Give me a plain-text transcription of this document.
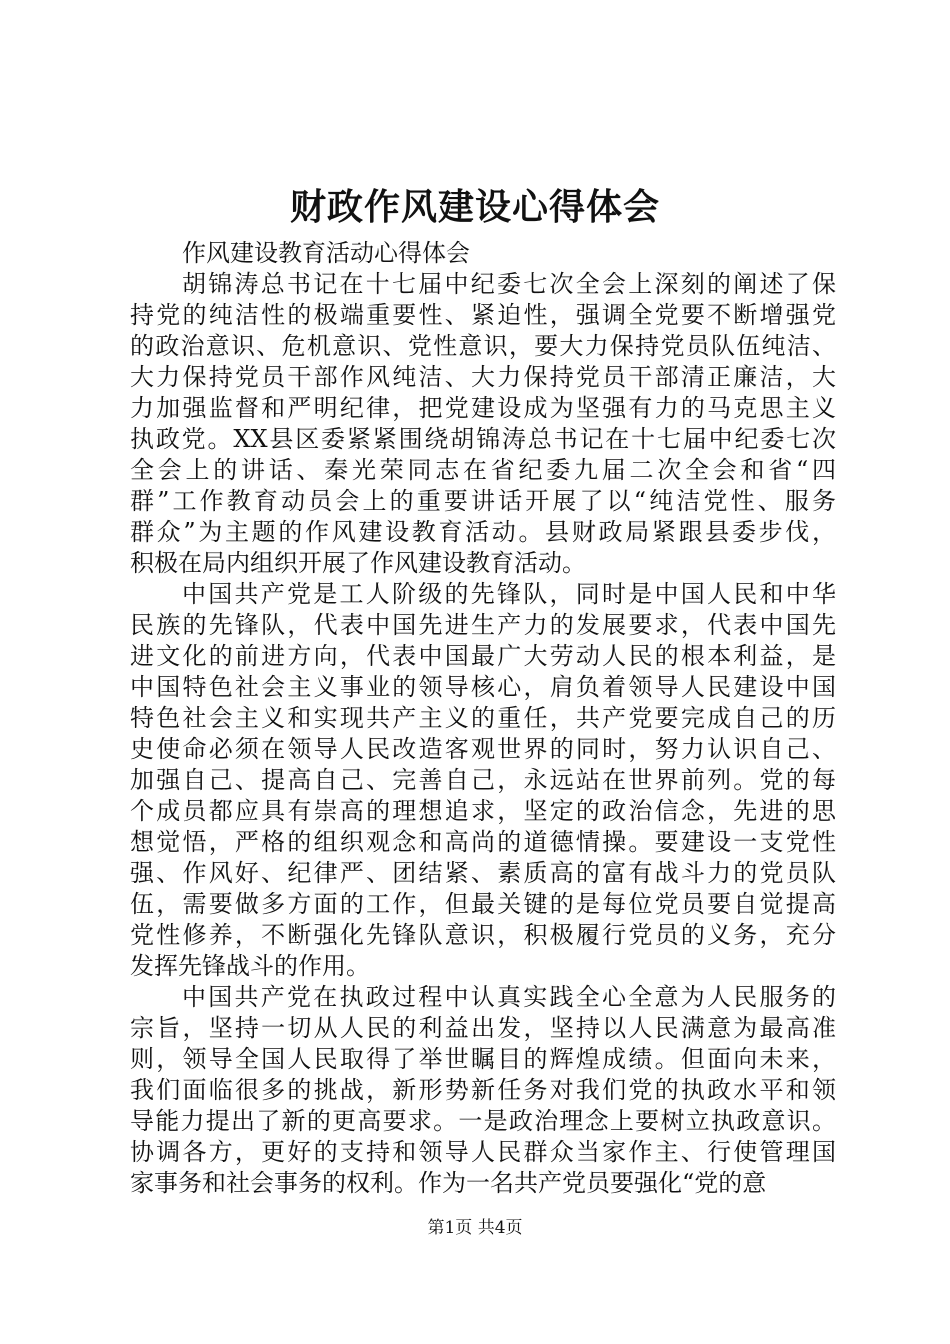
财政作风建设心得体会
作风建设教育活动心得体会
胡锦涛总书记在十七届中纪委七次全会上深刻的阐述了保
持党的纯洁性的极端重要性、紧迫性，强调全党要不断增强党
的政治意识、危机意识、党性意识，要大力保持党员队伍纯洁、
大力保持党员干部作风纯洁、大力保持党员干部清正廉洁，大
力加强监督和严明纪律，把党建设成为坚强有力的马克思主义
执政党。XX县区委紧紧围绕胡锦涛总书记在十七届中纪委七次
全会上的讲话、秦光荣同志在省纪委九届二次全会和省“四
群”工作教育动员会上的重要讲话开展了以“纯洁党性、服务
群众”为主题的作风建设教育活动。县财政局紧跟县委步伐，
积极在局内组织开展了作风建设教育活动。
中国共产党是工人阶级的先锋队，同时是中国人民和中华
民族的先锋队，代表中国先进生产力的发展要求，代表中国先
进文化的前进方向，代表中国最广大劳动人民的根本利益，是
中国特色社会主义事业的领导核心，肩负着领导人民建设中国
特色社会主义和实现共产主义的重任，共产党要完成自己的历
史使命必须在领导人民改造客观世界的同时，努力认识自己、
加强自己、提高自己、完善自己，永远站在世界前列。党的每
个成员都应具有崇高的理想追求，坚定的政治信念，先进的思
想觉悟，严格的组织观念和高尚的道德情操。要建设一支党性
强、作风好、纪律严、团结紧、素质高的富有战斗力的党员队
伍，需要做多方面的工作，但最关键的是每位党员要自觉提高
党性修养，不断强化先锋队意识，积极履行党员的义务，充分
发挥先锋战斗的作用。
中国共产党在执政过程中认真实践全心全意为人民服务的
宗旨，坚持一切从人民的利益出发，坚持以人民满意为最高准
则，领导全国人民取得了举世瞩目的辉煌成绩。但面向未来，
我们面临很多的挑战，新形势新任务对我们党的执政水平和领
导能力提出了新的更高要求。一是政治理念上要树立执政意识。
协调各方，更好的支持和领导人民群众当家作主、行使管理国
家事务和社会事务的权利。作为一名共产党员要强化“党的意
第1页 共4页
